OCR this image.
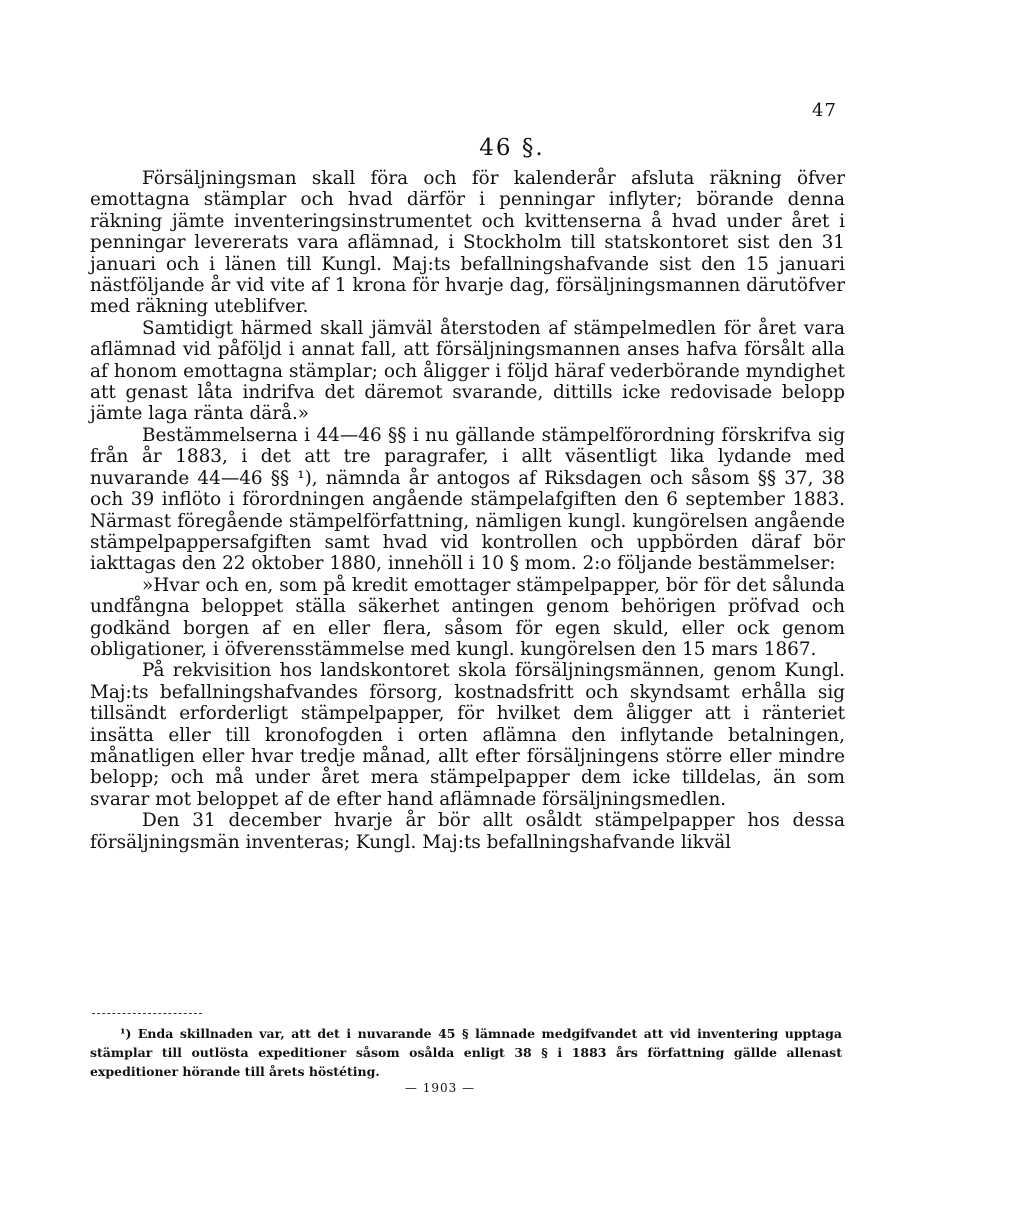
47
46 §.

Försäljningsman skall föra och för kalenderår afsluta räkning öfver emottagna stämplar och hvad därför i penningar inflyter; börande denna räkning jämte inventeringsinstrumentet och kvittenserna å hvad under året i penningar levererats vara aflämnad, i Stockholm till statskontoret sist den 31 januari och i länen till Kungl. Maj:ts befallningshafvande sist den 15 januari nästföljande år vid vite af 1 krona för hvarje dag, försäljningsmannen därutöfver med räkning uteblifver.

Samtidigt härmed skall jämväl återstoden af stämpelmedlen för året vara aflämnad vid påföljd i annat fall, att försäljningsmannen anses hafva försålt alla af honom emottagna stämplar; och åligger i följd häraf vederbörande myndighet att genast låta indrifva det däremot svarande, dittills icke redovisade belopp jämte laga ränta därå.»

Bestämmelserna i 44—46 §§ i nu gällande stämpelförordning förskrifva sig från år 1883, i det att tre paragrafer, i allt väsentligt lika lydande med nuvarande 44—46 §§ ¹), nämnda år antogos af Riksdagen och såsom §§ 37, 38 och 39 inflöto i förordningen angående stämpelafgiften den 6 september 1883. Närmast föregående stämpelförfattning, nämligen kungl. kungörelsen angående stämpelpappersafgiften samt hvad vid kontrollen och uppbörden däraf bör iakttagas den 22 oktober 1880, innehöll i 10 § mom. 2:o följande bestämmelser:

»Hvar och en, som på kredit emottager stämpelpapper, bör för det sålunda undfångna beloppet ställa säkerhet antingen genom behörigen pröfvad och godkänd borgen af en eller flera, såsom för egen skuld, eller ock genom obligationer, i öfverensstämmelse med kungl. kungörelsen den 15 mars 1867.

På rekvisition hos landskontoret skola försäljningsmännen, genom Kungl. Maj:ts befallningshafvandes försorg, kostnadsfritt och skyndsamt erhålla sig tillsändt erforderligt stämpelpapper, för hvilket dem åligger att i ränteriet insätta eller till kronofogden i orten aflämna den inflytande betalningen, månatligen eller hvar tredje månad, allt efter försäljningens större eller mindre belopp; och må under året mera stämpelpapper dem icke tilldelas, än som svarar mot beloppet af de efter hand aflämnade försäljningsmedlen.

Den 31 december hvarje år bör allt osåldt stämpelpapper hos dessa försäljningsmän inventeras; Kungl. Maj:ts befallningshafvande likväl

¹) Enda skillnaden var, att det i nuvarande 45 § lämnade medgifvandet att vid inventering upptaga stämplar till outlösta expeditioner såsom osålda enligt 38 § i 1883 års författning gällde allenast expeditioner hörande till årets höstéting.

— 1903 —
